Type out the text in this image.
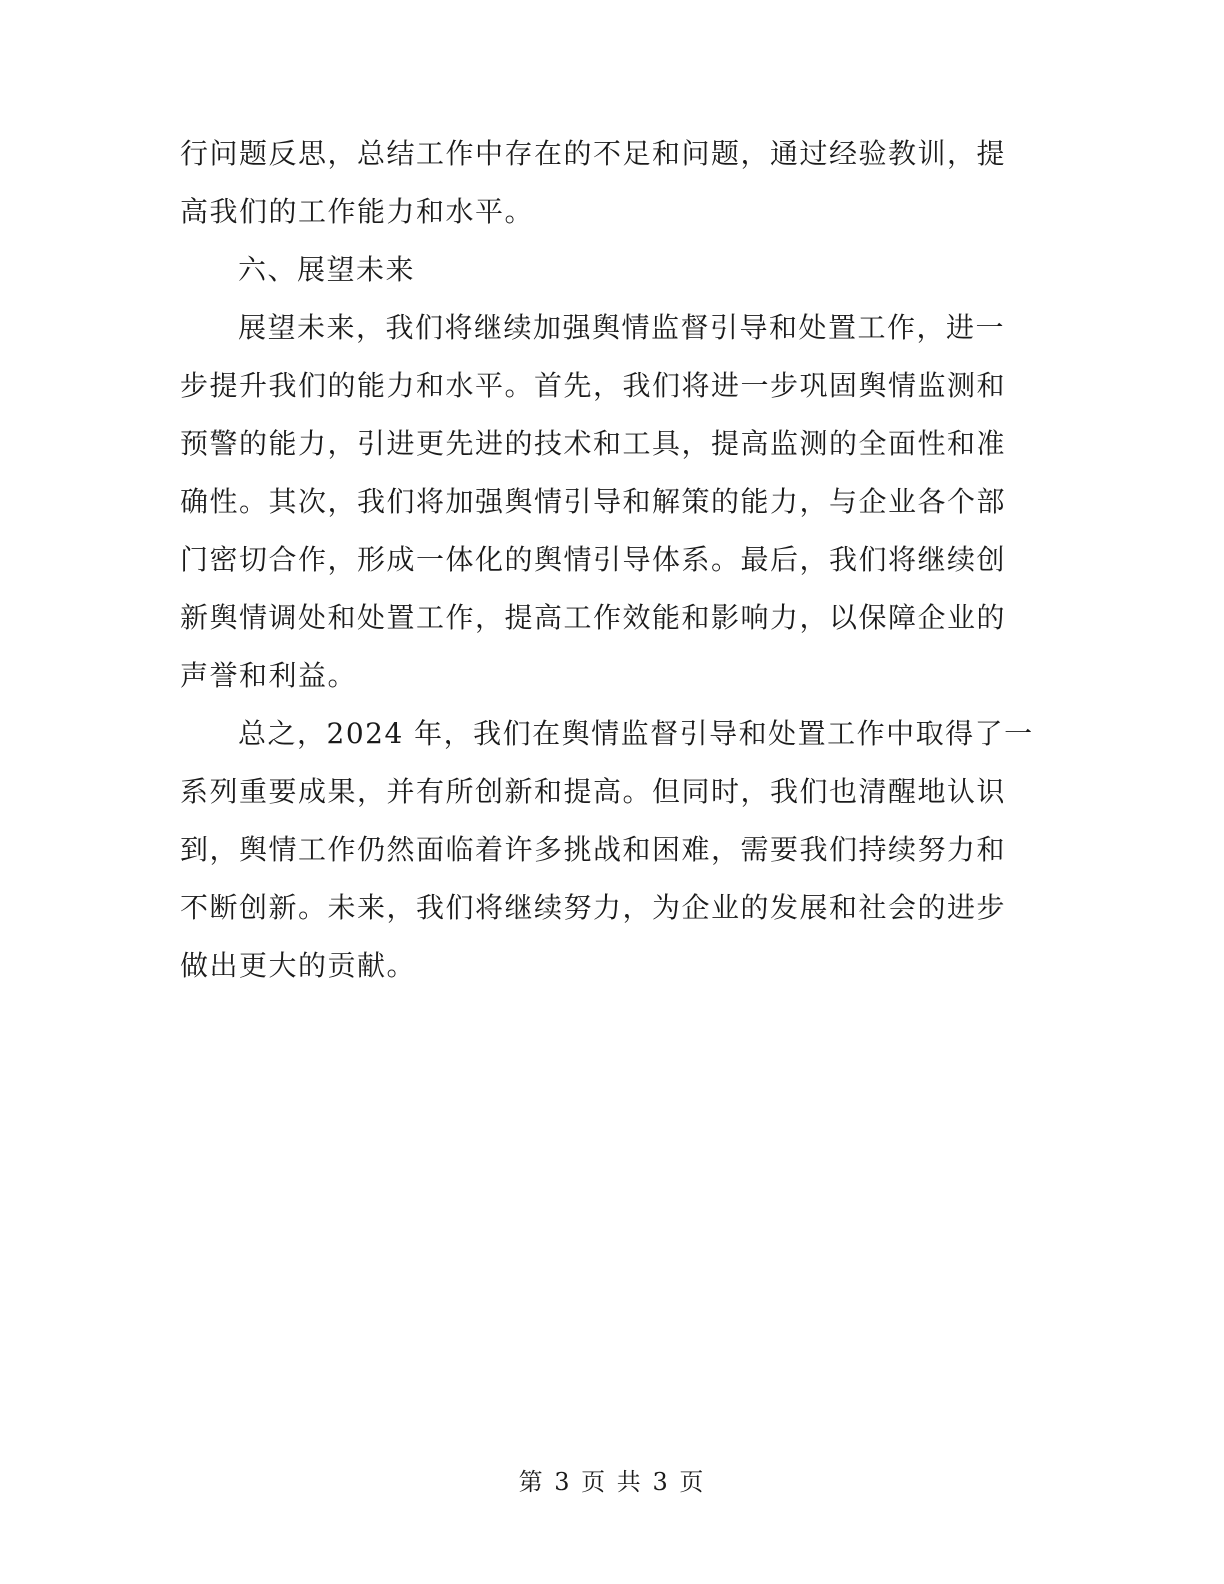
行问题反思，总结工作中存在的不足和问题，通过经验教训，提
高我们的工作能力和水平。
六、展望未来
展望未来，我们将继续加强舆情监督引导和处置工作，进一
步提升我们的能力和水平。首先，我们将进一步巩固舆情监测和
预警的能力，引进更先进的技术和工具，提高监测的全面性和准
确性。其次，我们将加强舆情引导和解策的能力，与企业各个部
门密切合作，形成一体化的舆情引导体系。最后，我们将继续创
新舆情调处和处置工作，提高工作效能和影响力，以保障企业的
声誉和利益。
总之，2024 年，我们在舆情监督引导和处置工作中取得了一
系列重要成果，并有所创新和提高。但同时，我们也清醒地认识
到，舆情工作仍然面临着许多挑战和困难，需要我们持续努力和
不断创新。未来，我们将继续努力，为企业的发展和社会的进步
做出更大的贡献。
第 3 页 共 3 页
